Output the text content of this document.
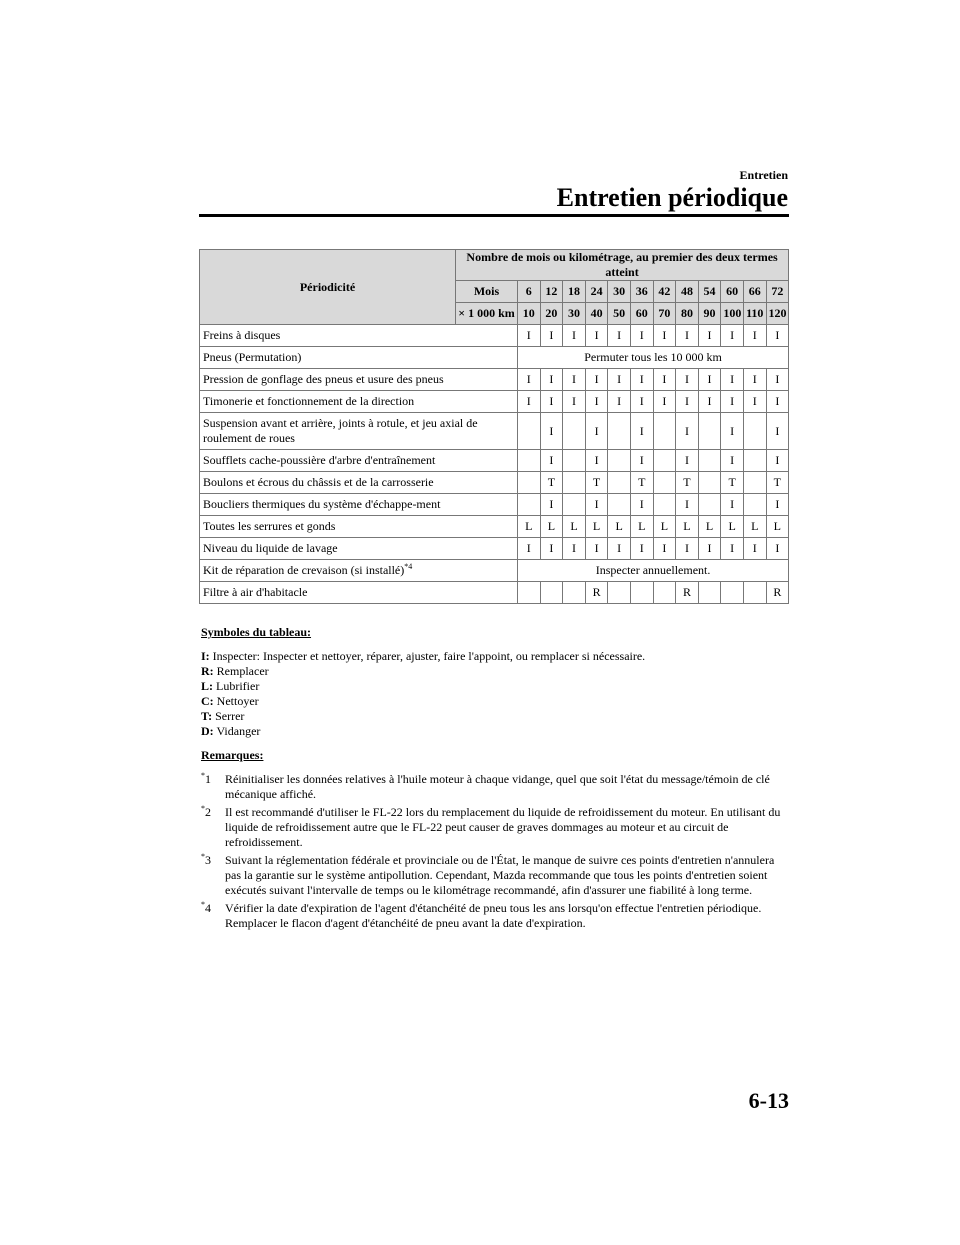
Entretien
Entretien périodique
Périodicité	Nombre de mois ou kilométrage, au premier des deux termes atteint												
	Mois	6	12	18	24	30	36	42	48	54	60	66	72
	× 1 000 km	10	20	30	40	50	60	70	80	90	100	110	120
Freins à disques		I	I	I	I	I	I	I	I	I	I	I	I
Pneus (Permutation)		Permuter tous les 10 000 km											
Pression de gonflage des pneus et usure des pneus		I	I	I	I	I	I	I	I	I	I	I	I
Timonerie et fonctionnement de la direction		I	I	I	I	I	I	I	I	I	I	I	I
Suspension avant et arrière, joints à rotule, et jeu axial de roulement de roues			I		I		I		I		I		I
Soufflets cache-poussière d'arbre d'entraînement			I		I		I		I		I		I
Boulons et écrous du châssis et de la carrosserie			T		T		T		T		T		T
Boucliers thermiques du système d'échappe-ment			I		I		I		I		I		I
Toutes les serrures et gonds		L	L	L	L	L	L	L	L	L	L	L	L
Niveau du liquide de lavage		I	I	I	I	I	I	I	I	I	I	I	I
Kit de réparation de crevaison (si installé)$^{*4}$		Inspecter annuellement.											
Filtre à air d'habitacle					R				R				R
Symboles du tableau:
I: Inspecter: Inspecter et nettoyer, réparer, ajuster, faire l'appoint, ou remplacer si nécessaire.
R: Remplacer
L: Lubrifier
C: Nettoyer
T: Serrer
D: Vidanger
Remarques:
*1 Réinitialiser les données relatives à l'huile moteur à chaque vidange, quel que soit l'état du message/témoin de clé mécanique affiché.
*2 Il est recommandé d'utiliser le FL-22 lors du remplacement du liquide de refroidissement du moteur. En utilisant du liquide de refroidissement autre que le FL-22 peut causer de graves dommages au moteur et au circuit de refroidissement.
*3 Suivant la réglementation fédérale et provinciale ou de l'État, le manque de suivre ces points d'entretien n'annulera pas la garantie sur le système antipollution. Cependant, Mazda recommande que tous les points d'entretien soient exécutés suivant l'intervalle de temps ou le kilométrage recommandé, afin d'assurer une fiabilité à long terme.
*4 Vérifier la date d'expiration de l'agent d'étanchéité de pneu tous les ans lorsqu'on effectue l'entretien périodique. Remplacer le flacon d'agent d'étanchéité de pneu avant la date d'expiration.
6-13
